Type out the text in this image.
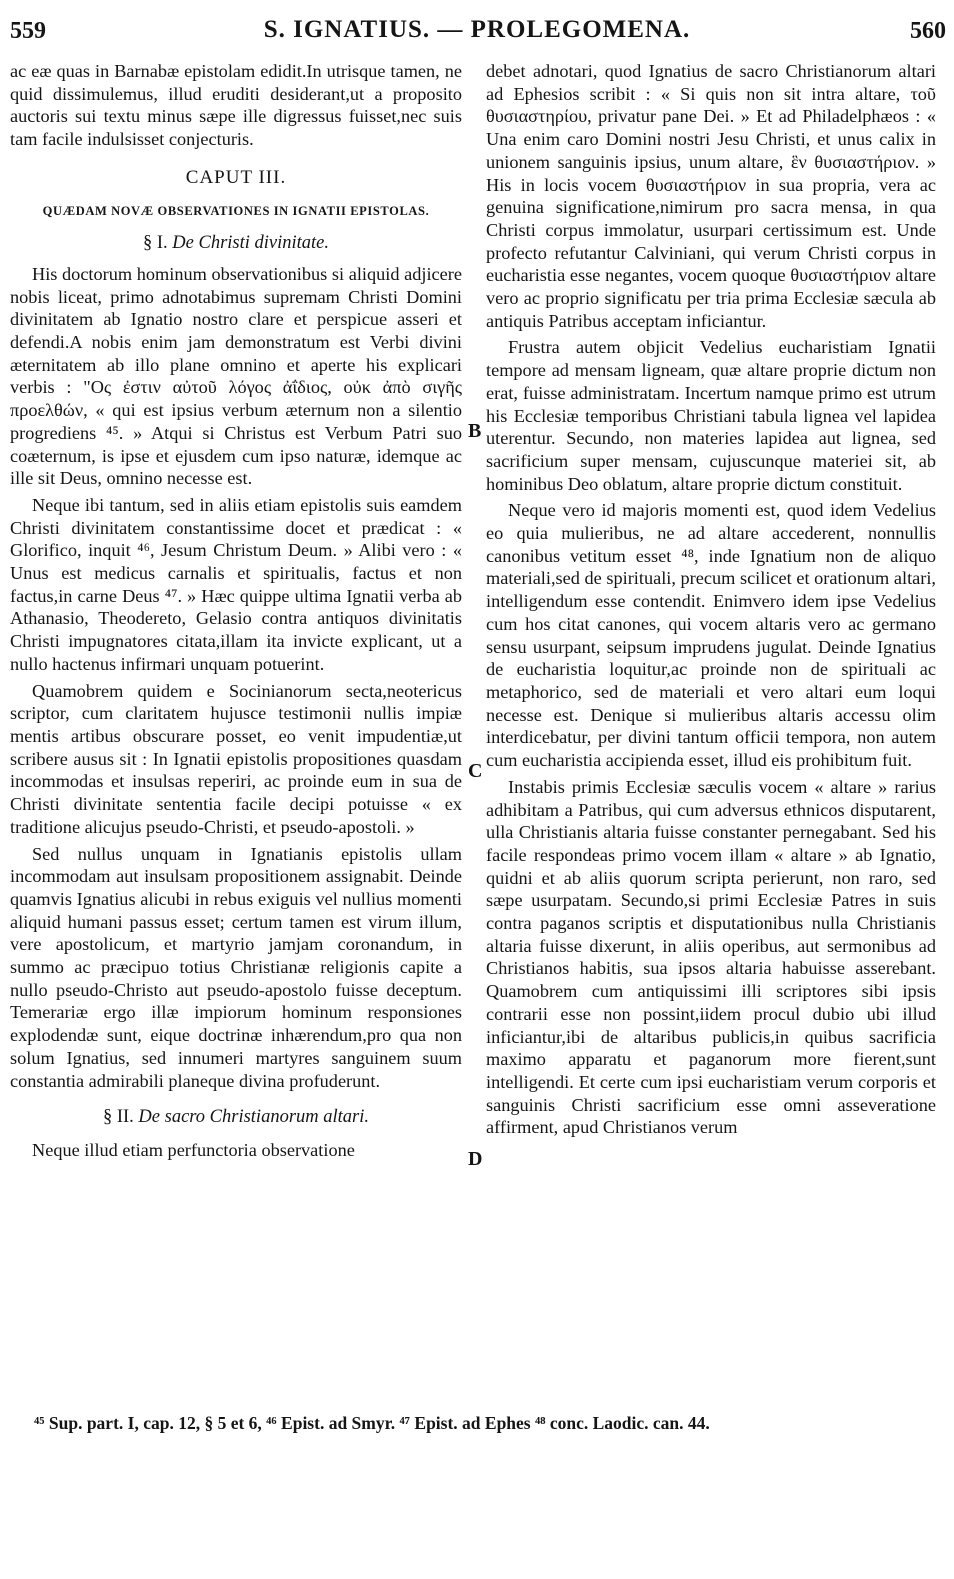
559	S. IGNATIUS. — PROLEGOMENA.	560

ac eæ quas in Barnabæ epistolam edidit.In utrisque tamen, ne quid dissimulemus, illud eruditi desiderant,ut a proposito auctoris sui textu minus sæpe ille digressus fuisset,nec suis tam facile indulsisset conjecturis.

CAPUT III.
QUÆDAM NOVÆ OBSERVATIONES IN IGNATII EPISTOLAS.
§ I. De Christi divinitate.

His doctorum hominum observationibus si aliquid adjicere nobis liceat, primo adnotabimus supremam Christi Domini divinitatem ab Ignatio nostro clare et perspicue asseri et defendi.A nobis enim jam demonstratum est Verbi divini æternitatem ab illo plane omnino et aperte his explicari verbis : "Ος ἐστιν αὐτοῦ λόγος ἀΐδιος, οὐκ ἀπὸ σιγῆς προελθών, « qui est ipsius verbum æternum non a silentio progrediens ⁴⁵. » Atqui si Christus est Verbum Patri suo coæternum, is ipse et ejusdem cum ipso naturæ, idemque ac ille sit Deus, omnino necesse est.

Neque ibi tantum, sed in aliis etiam epistolis suis eamdem Christi divinitatem constantissime docet et prædicat : « Glorifico, inquit ⁴⁶, Jesum Christum Deum. » Alibi vero : « Unus est medicus carnalis et spiritualis, factus et non factus,in carne Deus ⁴⁷. » Hæc quippe ultima Ignatii verba ab Athanasio, Theodereto, Gelasio contra antiquos divinitatis Christi impugnatores citata,illam ita invicte explicant, ut a nullo hactenus infirmari unquam potuerint.

Quamobrem quidem e Socinianorum secta,neotericus scriptor, cum claritatem hujusce testimonii nullis impiæ mentis artibus obscurare posset, eo venit impudentiæ,ut scribere ausus sit : In Ignatii epistolis propositiones quasdam incommodas et insulsas reperiri, ac proinde eum in sua de Christi divinitate sententia facile decipi potuisse « ex traditione alicujus pseudo-Christi, et pseudo-apostoli. »

Sed nullus unquam in Ignatianis epistolis ullam incommodam aut insulsam propositionem assignabit. Deinde quamvis Ignatius alicubi in rebus exiguis vel nullius momenti aliquid humani passus esset; certum tamen est virum illum, vere apostolicum, et martyrio jamjam coronandum, in summo ac præcipuo totius Christianæ religionis capite a nullo pseudo-Christo aut pseudo-apostolo fuisse deceptum. Temerariæ ergo illæ impiorum hominum responsiones explodendæ sunt, eique doctrinæ inhærendum,pro qua non solum Ignatius, sed innumeri martyres sanguinem suum constantia admirabili planeque divina profuderunt.

§ II. De sacro Christianorum altari.

Neque illud etiam perfunctoria observatione

B
C
D

debet adnotari, quod Ignatius de sacro Christianorum altari ad Ephesios scribit : « Si quis non sit intra altare, τοῦ θυσιαστηρίου, privatur pane Dei. » Et ad Philadelphæos : « Una enim caro Domini nostri Jesu Christi, et unus calix in unionem sanguinis ipsius, unum altare, ἓν θυσιαστήριον. » His in locis vocem θυσιαστήριον in sua propria, vera ac genuina significatione,nimirum pro sacra mensa, in qua Christi corpus immolatur, usurpari certissimum est. Unde profecto refutantur Calviniani, qui verum Christi corpus in eucharistia esse negantes, vocem quoque θυσιαστήριον altare vero ac proprio significatu per tria prima Ecclesiæ sæcula ab antiquis Patribus acceptam inficiantur.

Frustra autem objicit Vedelius eucharistiam Ignatii tempore ad mensam ligneam, quæ altare proprie dictum non erat, fuisse administratam. Incertum namque primo est utrum his Ecclesiæ temporibus Christiani tabula lignea vel lapidea uterentur. Secundo, non materies lapidea aut lignea, sed sacrificium super mensam, cujuscunque materiei sit, ab hominibus Deo oblatum, altare proprie dictum constituit.

Neque vero id majoris momenti est, quod idem Vedelius eo quia mulieribus, ne ad altare accederent, nonnullis canonibus vetitum esset ⁴⁸, inde Ignatium non de aliquo materiali,sed de spirituali, precum scilicet et orationum altari, intelligendum esse contendit. Enimvero idem ipse Vedelius cum hos citat canones, qui vocem altaris vero ac germano sensu usurpant, seipsum imprudens jugulat. Deinde Ignatius de eucharistia loquitur,ac proinde non de spirituali ac metaphorico, sed de materiali et vero altari eum loqui necesse est. Denique si mulieribus altaris accessu olim interdicebatur, per divini tantum officii tempora, non autem cum eucharistia accipienda esset, illud eis prohibitum fuit.

Instabis primis Ecclesiæ sæculis vocem « altare » rarius adhibitam a Patribus, qui cum adversus ethnicos disputarent, ulla Christianis altaria fuisse constanter pernegabant. Sed his facile respondeas primo vocem illam « altare » ab Ignatio, quidni et ab aliis quorum scripta perierunt, non raro, sed sæpe usurpatam. Secundo,si primi Ecclesiæ Patres in suis contra paganos scriptis et disputationibus nulla Christianis altaria fuisse dixerunt, in aliis operibus, aut sermonibus ad Christianos habitis, sua ipsos altaria habuisse asserebant. Quamobrem cum antiquissimi illi scriptores sibi ipsis contrarii esse non possint,iidem procul dubio ubi illud inficiantur,ibi de altaribus publicis,in quibus sacrificia maximo apparatu et paganorum more fierent,sunt intelligendi. Et certe cum ipsi eucharistiam verum corporis et sanguinis Christi sacrificium esse omni asseveratione affirment, apud Christianos verum

⁴⁵ Sup. part. I, cap. 12, § 5 et 6, ⁴⁶ Epist. ad Smyr. ⁴⁷ Epist. ad Ephes ⁴⁸ conc. Laodic. can. 44.
